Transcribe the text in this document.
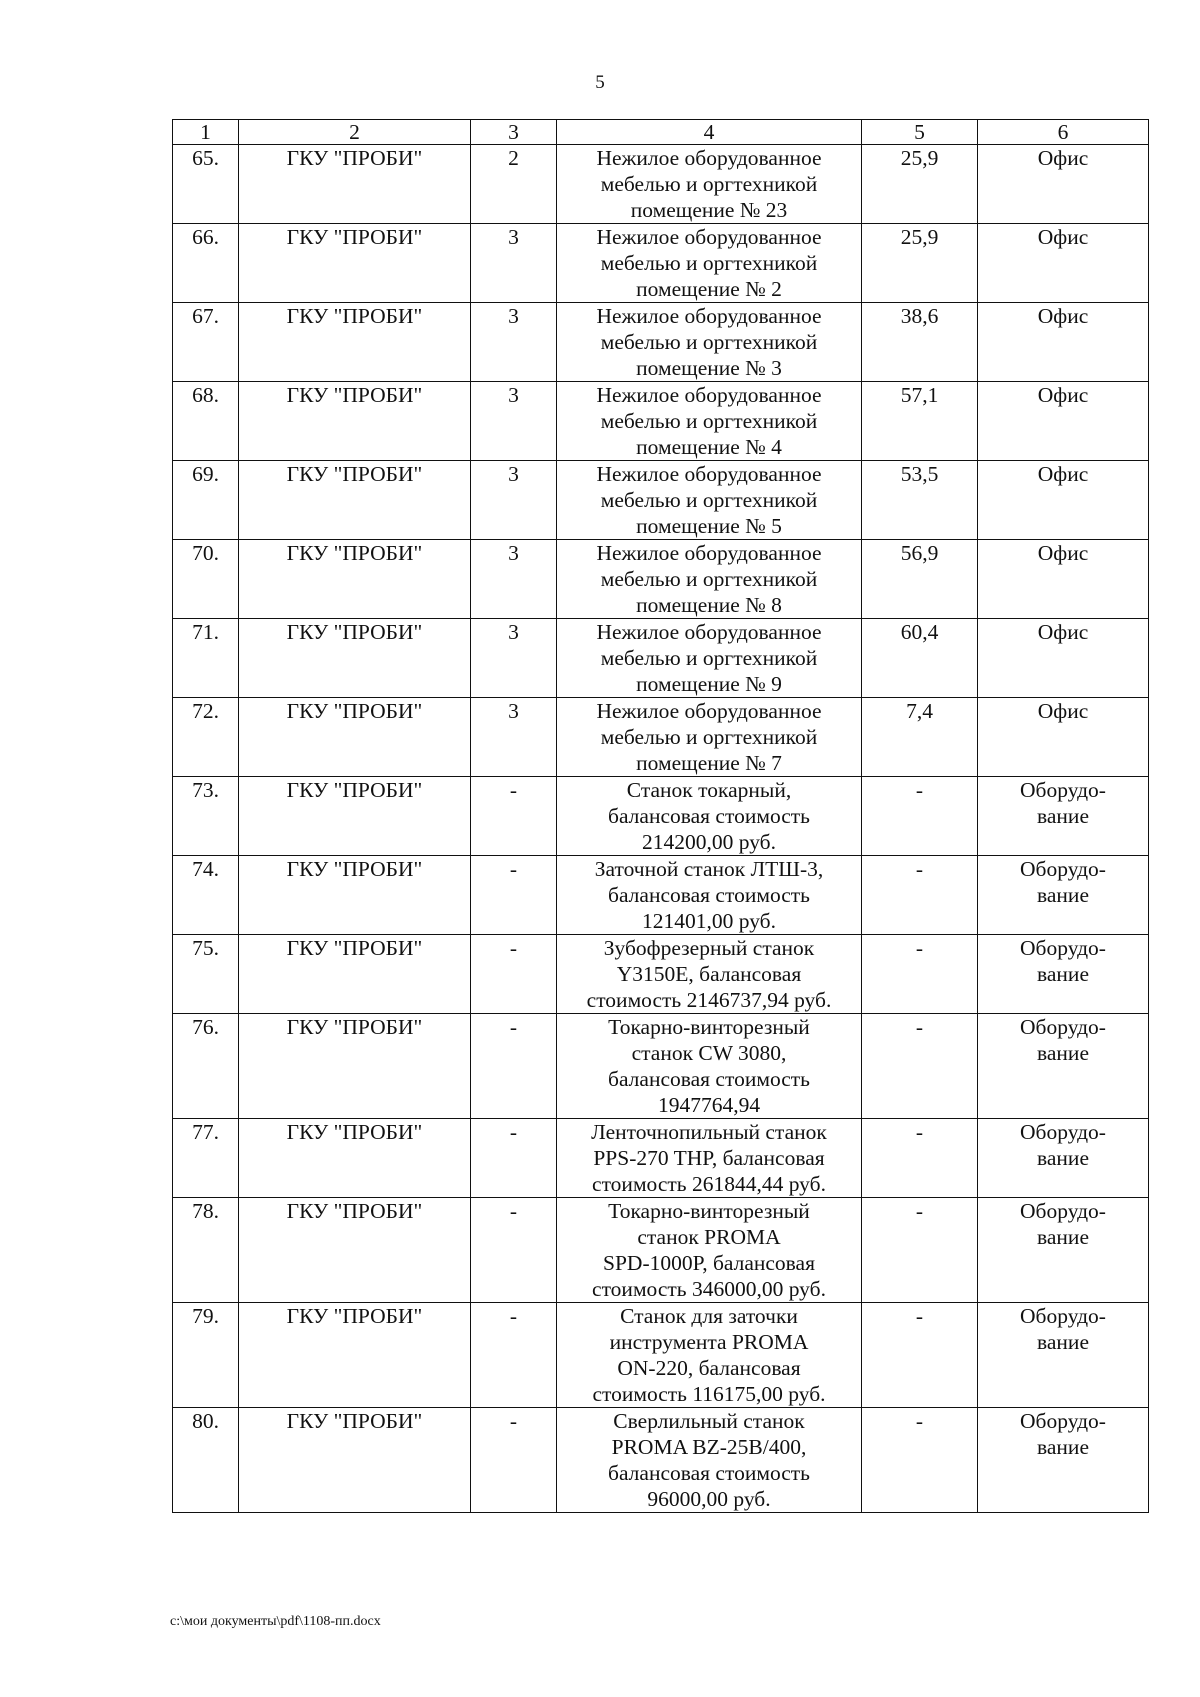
5
1	2	3	4	5	6
65.	ГКУ "ПРОБИ"	2	Нежилое оборудованное
мебелью и оргтехникой
помещение № 23	25,9	Офис
66.	ГКУ "ПРОБИ"	3	Нежилое оборудованное
мебелью и оргтехникой
помещение № 2	25,9	Офис
67.	ГКУ "ПРОБИ"	3	Нежилое оборудованное
мебелью и оргтехникой
помещение № 3	38,6	Офис
68.	ГКУ "ПРОБИ"	3	Нежилое оборудованное
мебелью и оргтехникой
помещение № 4	57,1	Офис
69.	ГКУ "ПРОБИ"	3	Нежилое оборудованное
мебелью и оргтехникой
помещение № 5	53,5	Офис
70.	ГКУ "ПРОБИ"	3	Нежилое оборудованное
мебелью и оргтехникой
помещение № 8	56,9	Офис
71.	ГКУ "ПРОБИ"	3	Нежилое оборудованное
мебелью и оргтехникой
помещение № 9	60,4	Офис
72.	ГКУ "ПРОБИ"	3	Нежилое оборудованное
мебелью и оргтехникой
помещение № 7	7,4	Офис
73.	ГКУ "ПРОБИ"	-	Станок токарный,
балансовая стоимость
214200,00 руб.	-	Оборудо-
вание
74.	ГКУ "ПРОБИ"	-	Заточной станок ЛТШ-3,
балансовая стоимость
121401,00 руб.	-	Оборудо-
вание
75.	ГКУ "ПРОБИ"	-	Зубофрезерный станок
Y3150E, балансовая
стоимость 2146737,94 руб.	-	Оборудо-
вание
76.	ГКУ "ПРОБИ"	-	Токарно-винторезный
станок CW 3080,
балансовая стоимость
1947764,94	-	Оборудо-
вание
77.	ГКУ "ПРОБИ"	-	Ленточнопильный станок
PPS-270 THP, балансовая
стоимость 261844,44 руб.	-	Оборудо-
вание
78.	ГКУ "ПРОБИ"	-	Токарно-винторезный
станок PROMA
SPD-1000P, балансовая
стоимость 346000,00 руб.	-	Оборудо-
вание
79.	ГКУ "ПРОБИ"	-	Станок для заточки
инструмента PROMA
ON-220, балансовая
стоимость 116175,00 руб.	-	Оборудо-
вание
80.	ГКУ "ПРОБИ"	-	Сверлильный станок
PROMA BZ-25B/400,
балансовая стоимость
96000,00 руб.	-	Оборудо-
вание
c:\мои документы\pdf\1108-пп.docx
